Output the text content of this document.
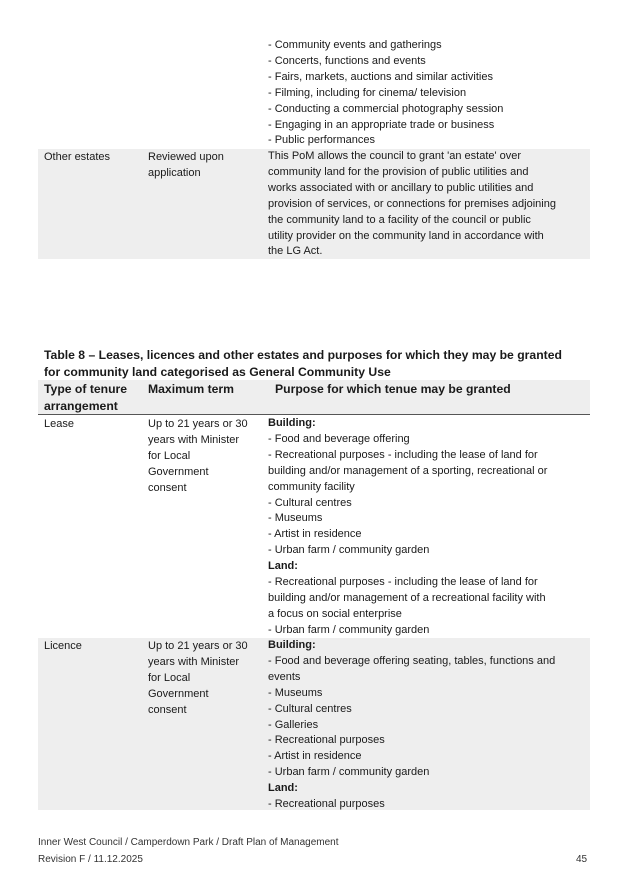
- Community events and gatherings
- Concerts, functions and events
- Fairs, markets, auctions and similar activities
- Filming, including for cinema/ television
- Conducting a commercial photography session
- Engaging in an appropriate trade or business
- Public performances
Other estates	Reviewed upon
application
This PoM allows the council to grant 'an estate' over
community land for the provision of public utilities and
works associated with or ancillary to public utilities and
provision of services, or connections for premises adjoining
the community land to a facility of the council or public
utility provider on the community land in accordance with
the LG Act.
Table 8 – Leases, licences and other estates and purposes for which they may be granted
for community land categorised as General Community Use
Type of tenure
arrangement
Maximum term	Purpose for which tenue may be granted
Lease	Up to 21 years or 30
years with Minister
for Local
Government
consent
Building:
- Food and beverage offering
- Recreational purposes - including the lease of land for
building and/or management of a sporting, recreational or
community facility
- Cultural centres
- Museums
- Artist in residence
- Urban farm / community garden
Land:
- Recreational purposes - including the lease of land for
building and/or management of a recreational facility with
a focus on social enterprise
- Urban farm / community garden
Licence	Up to 21 years or 30
years with Minister
for Local
Government
consent
Building:
- Food and beverage offering seating, tables, functions and
events
- Museums
- Cultural centres
- Galleries
- Recreational purposes
- Artist in residence
- Urban farm / community garden
Land:
- Recreational purposes
Inner West Council / Camperdown Park / Draft Plan of Management
Revision F / 11.12.2025	45
